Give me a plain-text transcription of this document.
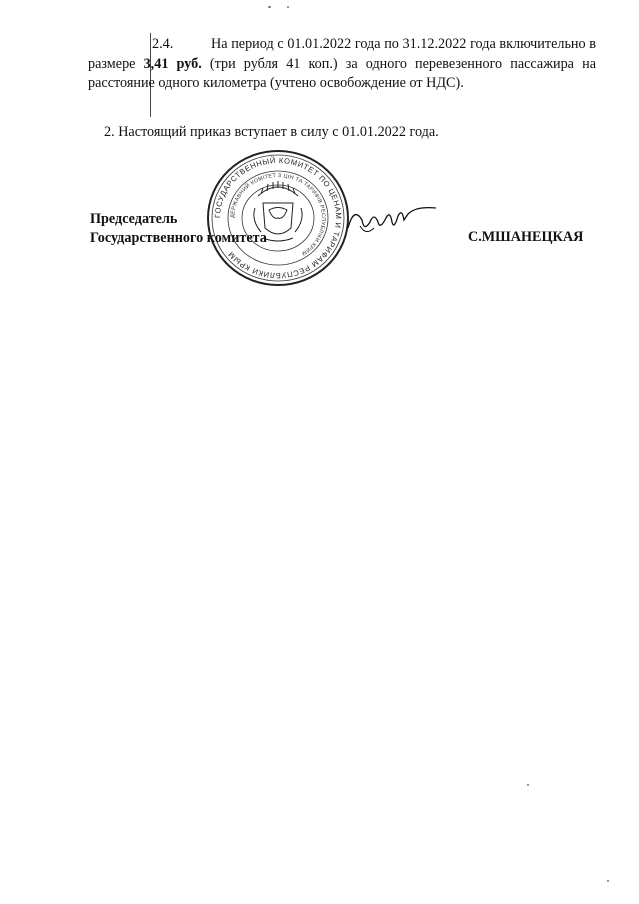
2.4.	На период с 01.01.2022 года по 31.12.2022 года включительно в размере 3,41 руб. (три рубля 41 коп.) за одного перевезенного пассажира на расстояние одного километра (учтено освобождение от НДС).
2. Настоящий приказ вступает в силу с 01.01.2022 года.
ГОСУДАРСТВЕННЫЙ КОМИТЕТ ПО ЦЕНАМ И ТАРИФАМ РЕСПУБЛИКИ КРЫМ
ДЕРЖАВНИЙ КОМІТЕТ З ЦІН ТА ТАРИФІВ РЕСПУБЛІКИ КРИМ
Председатель
Государственного комитета	С.МШАНЕЦКАЯ
